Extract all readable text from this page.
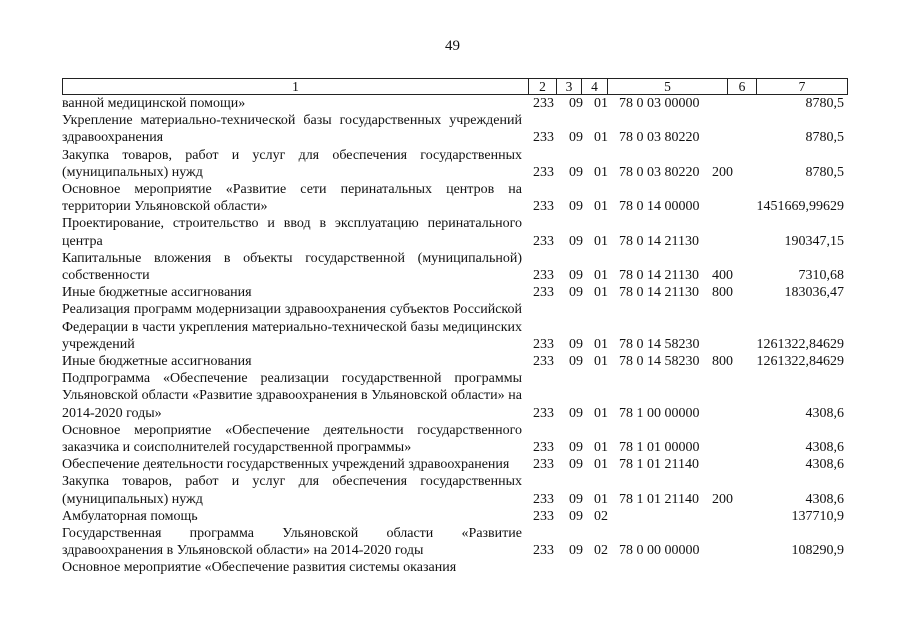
49
1	2	3	4	5	6	7
ванной медицинской помощи»	233 09 01 78 0 03 00000	8780,5
Укрепление материально-технической базы государственных учреждений здравоохранения	233 09 01 78 0 03 80220	8780,5
Закупка товаров, работ и услуг для обеспечения государственных (муниципальных) нужд	233 09 01 78 0 03 80220 200	8780,5
Основное мероприятие «Развитие сети перинатальных центров на территории Ульяновской области»	233 09 01 78 0 14 00000	1451669,99629
Проектирование, строительство и ввод в эксплуатацию перинатального центра	233 09 01 78 0 14 21130	190347,15
Капитальные вложения в объекты государственной (муниципальной) собственности	233 09 01 78 0 14 21130 400	7310,68
Иные бюджетные ассигнования	233 09 01 78 0 14 21130 800	183036,47
Реализация программ модернизации здравоохранения субъектов Российской Федерации в части укрепления материально-технической базы медицинских учреждений	233 09 01 78 0 14 58230	1261322,84629
Иные бюджетные ассигнования	233 09 01 78 0 14 58230 800 1261322,84629
Подпрограмма «Обеспечение реализации государственной программы Ульяновской области «Развитие здравоохранения в Ульяновской области» на 2014-2020 годы»	233 09 01 78 1 00 00000	4308,6
Основное мероприятие «Обеспечение деятельности государственного заказчика и соисполнителей государственной программы»	233 09 01 78 1 01 00000	4308,6
Обеспечение деятельности государственных учреждений здравоохранения	233 09 01 78 1 01 21140	4308,6
Закупка товаров, работ и услуг для обеспечения государственных (муниципальных) нужд	233 09 01 78 1 01 21140 200	4308,6
Амбулаторная помощь	233 09 02	137710,9
Государственная программа Ульяновской области «Развитие здравоохранения в Ульяновской области» на 2014-2020 годы	233 09 02 78 0 00 00000	108290,9
Основное мероприятие «Обеспечение развития системы оказания
